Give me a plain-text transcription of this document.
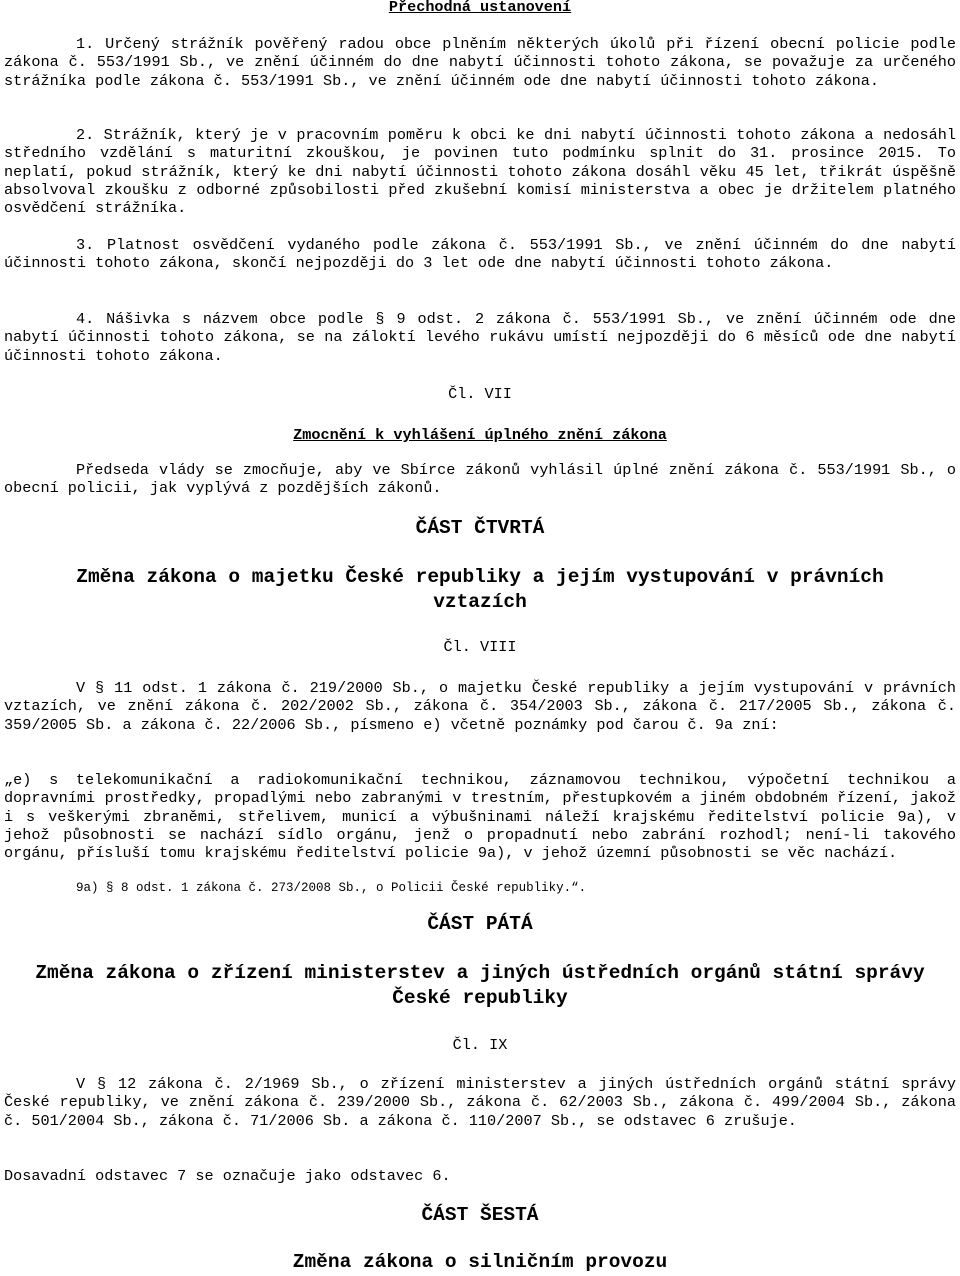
Přechodná ustanovení
1. Určený strážník pověřený radou obce plněním některých úkolů při řízení obecní policie podle zákona č. 553/1991 Sb., ve znění účinném do dne nabytí účinnosti tohoto zákona, se považuje za určeného strážníka podle zákona č. 553/1991 Sb., ve znění účinném ode dne nabytí účinnosti tohoto zákona.
2. Strážník, který je v pracovním poměru k obci ke dni nabytí účinnosti tohoto zákona a nedosáhl středního vzdělání s maturitní zkouškou, je povinen tuto podmínku splnit do 31. prosince 2015. To neplatí, pokud strážník, který ke dni nabytí účinnosti tohoto zákona dosáhl věku 45 let, třikrát úspěšně absolvoval zkoušku z odborné způsobilosti před zkušební komisí ministerstva a obec je držitelem platného osvědčení strážníka.
3. Platnost osvědčení vydaného podle zákona č. 553/1991 Sb., ve znění účinném do dne nabytí účinnosti tohoto zákona, skončí nejpozději do 3 let ode dne nabytí účinnosti tohoto zákona.
4. Nášivka s názvem obce podle § 9 odst. 2 zákona č. 553/1991 Sb., ve znění účinném ode dne nabytí účinnosti tohoto zákona, se na záloktí levého rukávu umístí nejpozději do 6 měsíců ode dne nabytí účinnosti tohoto zákona.
Čl. VII
Zmocnění k vyhlášení úplného znění zákona
Předseda vlády se zmocňuje, aby ve Sbírce zákonů vyhlásil úplné znění zákona č. 553/1991 Sb., o obecní policii, jak vyplývá z pozdějších zákonů.
ČÁST ČTVRTÁ
Změna zákona o majetku České republiky a jejím vystupování v právních vztazích
Čl. VIII
V § 11 odst. 1 zákona č. 219/2000 Sb., o majetku České republiky a jejím vystupování v právních vztazích, ve znění zákona č. 202/2002 Sb., zákona č. 354/2003 Sb., zákona č. 217/2005 Sb., zákona č. 359/2005 Sb. a zákona č. 22/2006 Sb., písmeno e) včetně poznámky pod čarou č. 9a zní:
„e) s telekomunikační a radiokomunikační technikou, záznamovou technikou, výpočetní technikou a dopravními prostředky, propadlými nebo zabranými v trestním, přestupkovém a jiném obdobném řízení, jakož i s veškerými zbraněmi, střelivem, municí a výbušninami náleží krajskému ředitelství policie 9a), v jehož působnosti se nachází sídlo orgánu, jenž o propadnutí nebo zabrání rozhodl; není-li takového orgánu, přísluší tomu krajskému ředitelství policie 9a), v jehož územní působnosti se věc nachází.
9a) § 8 odst. 1 zákona č. 273/2008 Sb., o Policii České republiky.“.
ČÁST PÁTÁ
Změna zákona o zřízení ministerstev a jiných ústředních orgánů státní správy České republiky
Čl. IX
V § 12 zákona č. 2/1969 Sb., o zřízení ministerstev a jiných ústředních orgánů státní správy České republiky, ve znění zákona č. 239/2000 Sb., zákona č. 62/2003 Sb., zákona č. 499/2004 Sb., zákona č. 501/2004 Sb., zákona č. 71/2006 Sb. a zákona č. 110/2007 Sb., se odstavec 6 zrušuje.
Dosavadní odstavec 7 se označuje jako odstavec 6.
ČÁST ŠESTÁ
Změna zákona o silničním provozu
